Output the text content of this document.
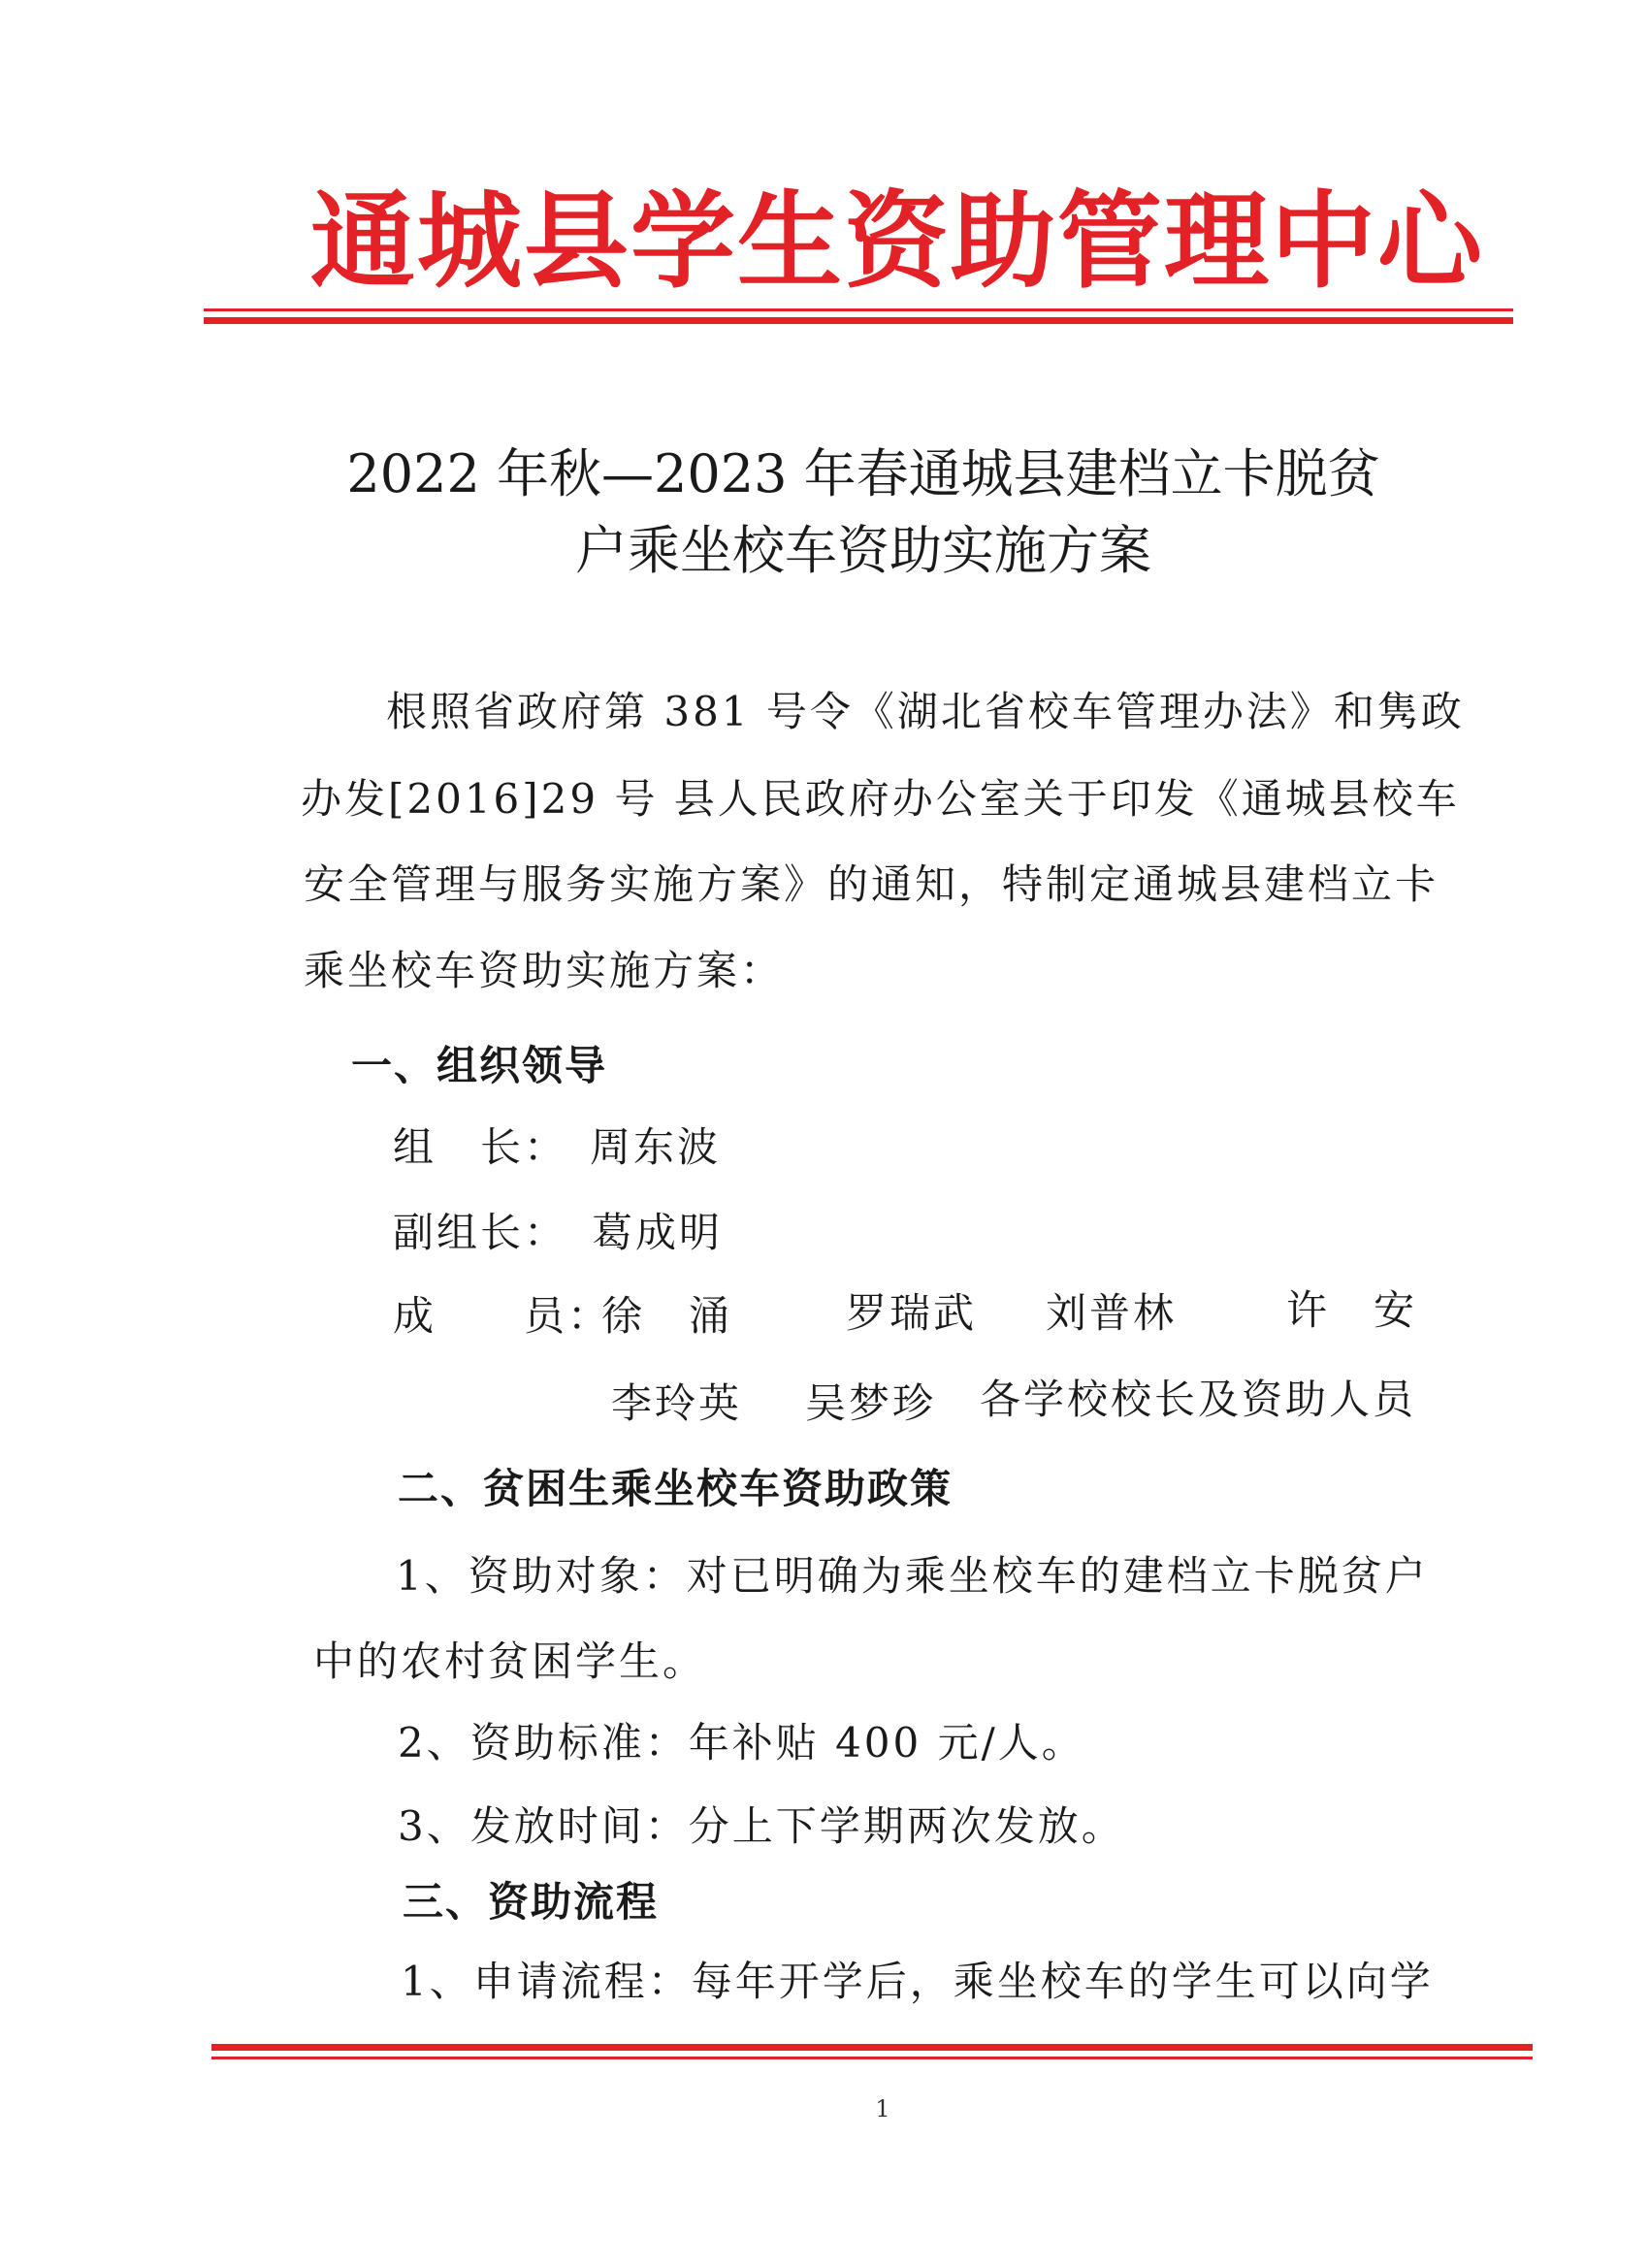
通城县学生资助管理中心
2022 年秋—2023 年春通城县建档立卡脱贫
户乘坐校车资助实施方案
根照省政府第 381 号令《湖北省校车管理办法》和隽政
办发[2016]29 号 县人民政府办公室关于印发《通城县校车
安全管理与服务实施方案》的通知，特制定通城县建档立卡
乘坐校车资助实施方案：
一、组织领导
组　长： 周东波
副组长： 葛成明
成　　员：
徐　涌	罗瑞武 刘普林	许　安
李玲英 吴梦珍 各学校校长及资助人员
二、贫困生乘坐校车资助政策
1、资助对象：对已明确为乘坐校车的建档立卡脱贫户
中的农村贫困学生。
2、资助标准：年补贴 400 元/人。
3、发放时间：分上下学期两次发放。
三、资助流程
1、申请流程：每年开学后，乘坐校车的学生可以向学
1
